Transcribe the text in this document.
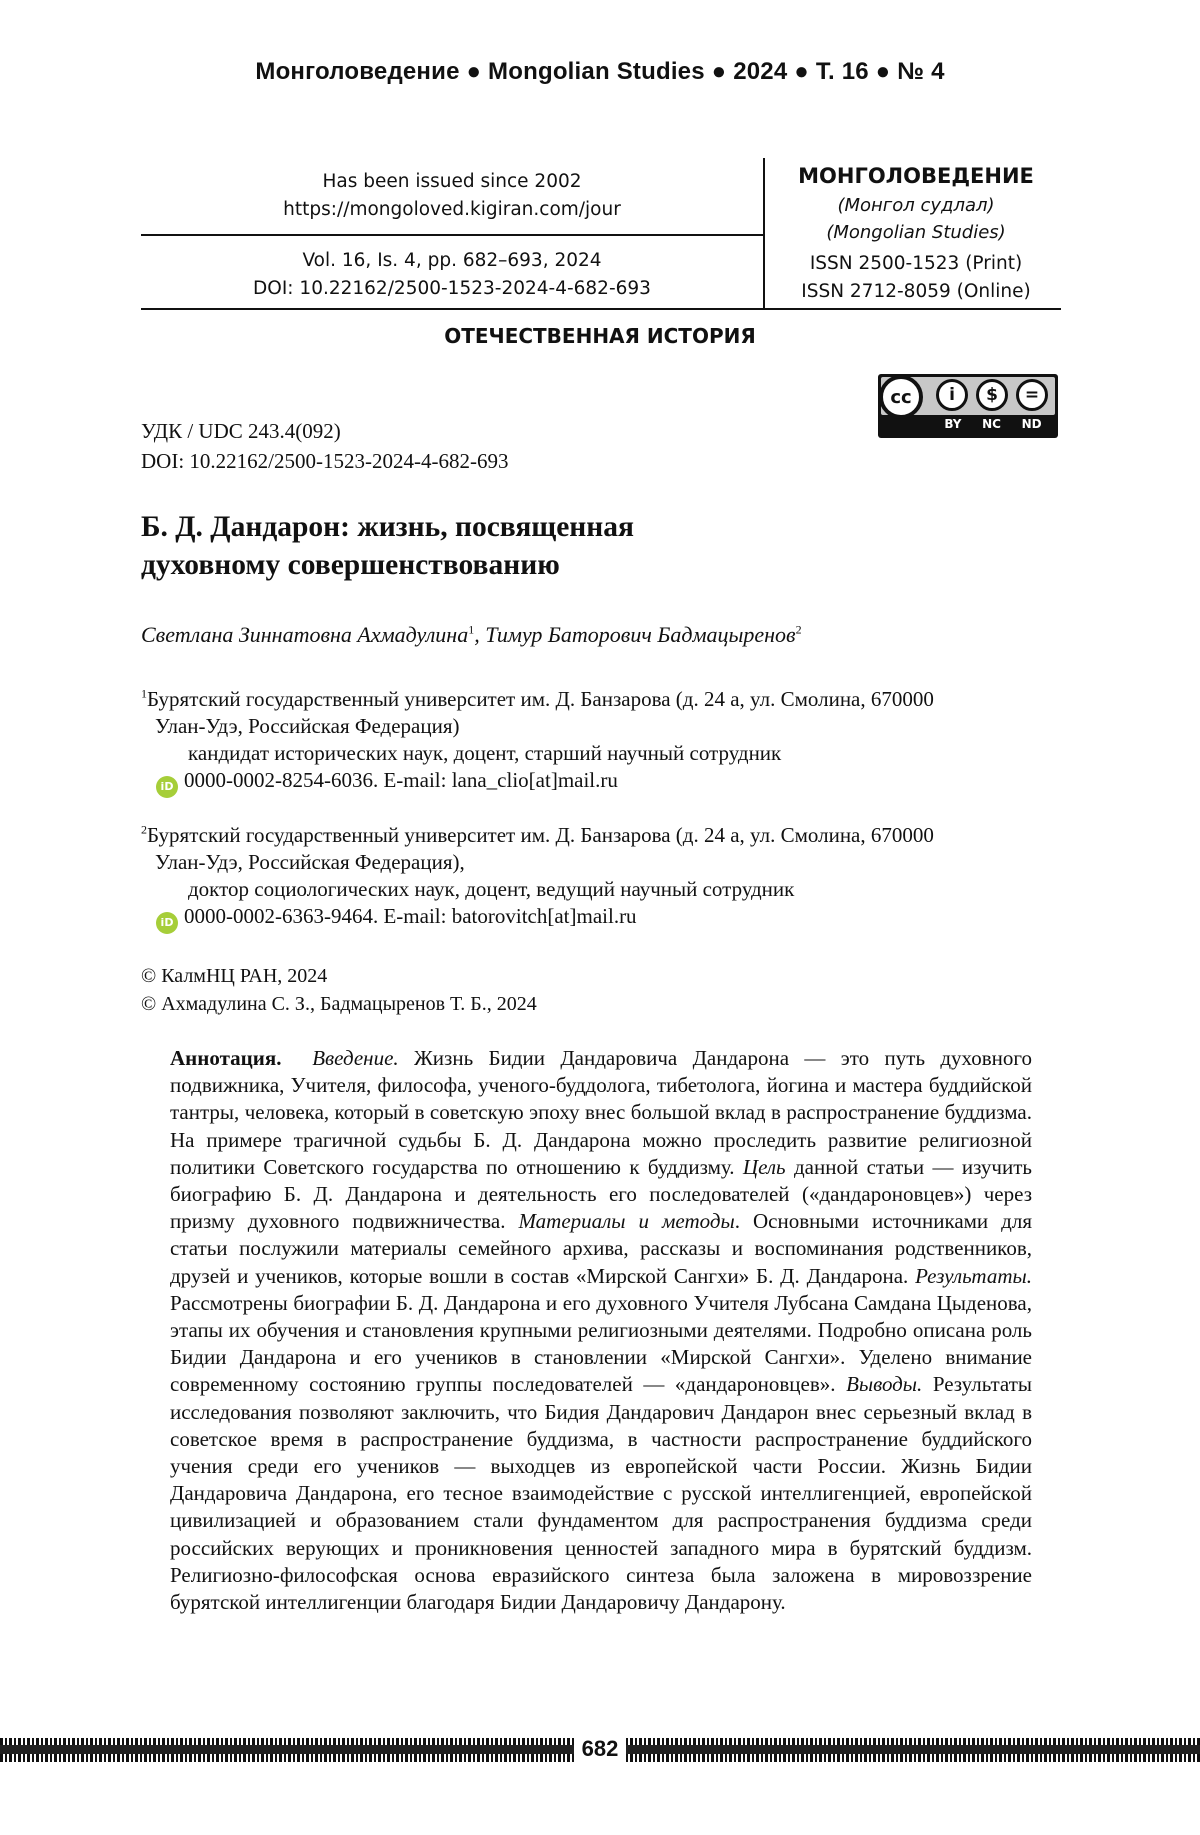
Монголоведение ● Mongolian Studies ● 2024 ● Т. 16 ● № 4
Has been issued since 2002
https://mongoloved.kigiran.com/jour
Vol. 16, Is. 4, pp. 682–693, 2024
DOI: 10.22162/2500-1523-2024-4-682-693
МОНГОЛОВЕДЕНИЕ
(Монгол судлал)
(Mongolian Studies)
ISSN 2500-1523 (Print)
ISSN 2712-8059 (Online)
ОТЕЧЕСТВЕННАЯ ИСТОРИЯ
cc	i	$	=
BY NC ND
УДК / UDC 243.4(092)
DOI: 10.22162/2500-1523-2024-4-682-693
Б. Д. Дандарон: жизнь, посвященная
духовному совершенствованию
Светлана Зиннатовна Ахмадулина1, Тимур Баторович Бадмацыренов2
1Бурятский государственный университет им. Д. Банзарова (д. 24 а, ул. Смолина, 670000
Улан-Удэ, Российская Федерация)
кандидат исторических наук, доцент, старший научный сотрудник
iD 0000-0002-8254-6036. E-mail: lana_clio[at]mail.ru
2Бурятский государственный университет им. Д. Банзарова (д. 24 а, ул. Смолина, 670000
Улан-Удэ, Российская Федерация),
доктор социологических наук, доцент, ведущий научный сотрудник
iD 0000-0002-6363-9464. E-mail: batorovitch[at]mail.ru
© КалмНЦ РАН, 2024
© Ахмадулина С. З., Бадмацыренов Т. Б., 2024
Аннотация. Введение. Жизнь Бидии Дандаровича Дандарона — это путь духовного подвижника, Учителя, философа, ученого-буддолога, тибетолога, йогина и мастера буддийской тантры, человека, который в советскую эпоху внес большой вклад в распространение буддизма. На примере трагичной судьбы Б. Д. Дандарона можно проследить развитие религиозной политики Советского государства по отношению к буддизму. Цель данной статьи — изучить биографию Б. Д. Дандарона и деятельность его последователей («дандароновцев») через призму духовного подвижничества. Материалы и методы. Основными источниками для статьи послужили материалы семейного архива, рассказы и воспоминания родственников, друзей и учеников, которые вошли в состав «Мирской Сангхи» Б. Д. Дандарона. Результаты. Рассмотрены биографии Б. Д. Дандарона и его духовного Учителя Лубсана Самдана Цыденова, этапы их обучения и становления крупными религиозными деятелями. Подробно описана роль Бидии Дандарона и его учеников в становлении «Мирской Сангхи». Уделено внимание современному состоянию группы последователей — «дандароновцев». Выводы. Результаты исследования позволяют заключить, что Бидия Дандарович Дандарон внес серьезный вклад в советское время в распространение буддизма, в частности распространение буддийского учения среди его учеников — выходцев из европейской части России. Жизнь Бидии Дандаровича Дандарона, его тесное взаимодействие с русской интеллигенцией, европейской цивилизацией и образованием стали фундаментом для распространения буддизма среди российских верующих и проникновения ценностей западного мира в бурятский буддизм. Религиозно-философская основа евразийского синтеза была заложена в мировоззрение бурятской интеллигенции благодаря Бидии Дандаровичу Дандарону.
682
